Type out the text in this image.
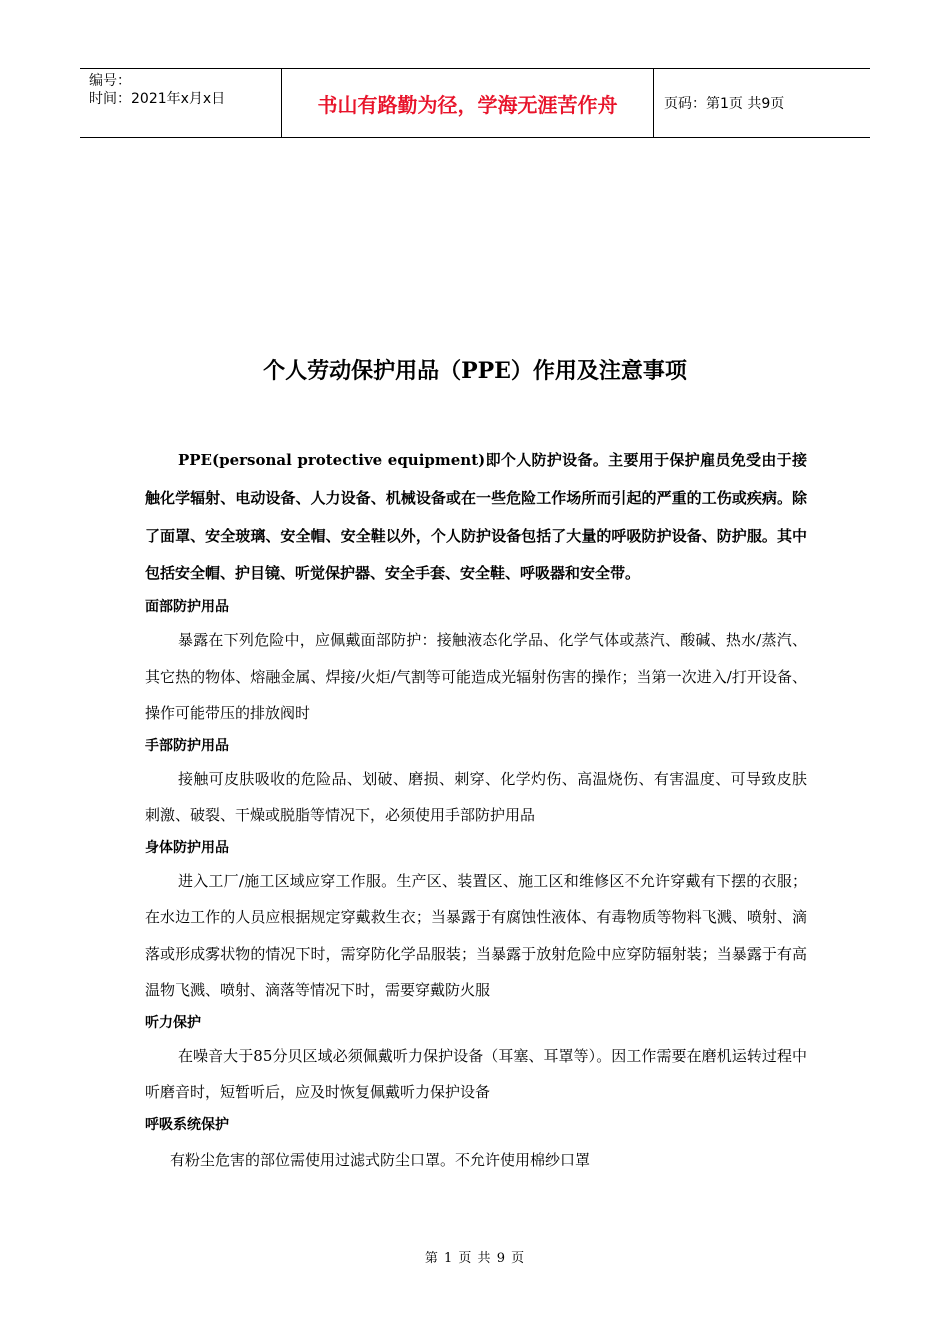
编号：
时间：2021年x月x日	书山有路勤为径，学海无涯苦作舟	页码：第1页 共9页
个人劳动保护用品（PPE）作用及注意事项
PPE(personal protective equipment)即个人防护设备。主要用于保护雇员免受由于接触化学辐射、电动设备、人力设备、机械设备或在一些危险工作场所而引起的严重的工伤或疾病。除了面罩、安全玻璃、安全帽、安全鞋以外，个人防护设备包括了大量的呼吸防护设备、防护服。其中包括安全帽、护目镜、听觉保护器、安全手套、安全鞋、呼吸器和安全带。
面部防护用品
暴露在下列危险中，应佩戴面部防护：接触液态化学品、化学气体或蒸汽、酸碱、热水/蒸汽、其它热的物体、熔融金属、焊接/火炬/气割等可能造成光辐射伤害的操作；当第一次进入/打开设备、操作可能带压的排放阀时
手部防护用品
接触可皮肤吸收的危险品、划破、磨损、刺穿、化学灼伤、高温烧伤、有害温度、可导致皮肤刺激、破裂、干燥或脱脂等情况下，必须使用手部防护用品
身体防护用品
进入工厂/施工区域应穿工作服。生产区、装置区、施工区和维修区不允许穿戴有下摆的衣服；在水边工作的人员应根据规定穿戴救生衣；当暴露于有腐蚀性液体、有毒物质等物料飞溅、喷射、滴落或形成雾状物的情况下时，需穿防化学品服装；当暴露于放射危险中应穿防辐射装；当暴露于有高温物飞溅、喷射、滴落等情况下时，需要穿戴防火服
听力保护
在噪音大于85分贝区域必须佩戴听力保护设备（耳塞、耳罩等）。因工作需要在磨机运转过程中听磨音时，短暂听后，应及时恢复佩戴听力保护设备
呼吸系统保护
有粉尘危害的部位需使用过滤式防尘口罩。不允许使用棉纱口罩
第 1 页 共 9 页
